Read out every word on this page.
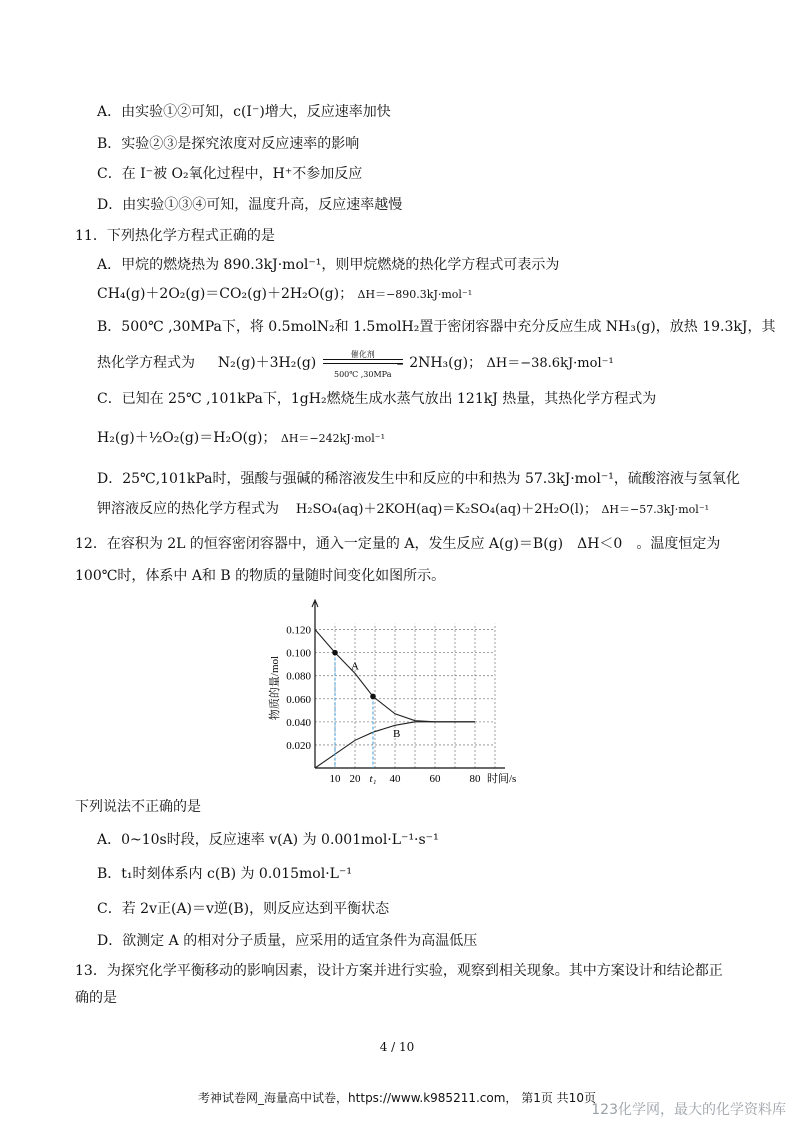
A．由实验①②可知，c(I⁻)增大，反应速率加快
B．实验②③是探究浓度对反应速率的影响
C．在 I⁻被 O₂氧化过程中，H⁺不参加反应
D．由实验①③④可知，温度升高，反应速率越慢
11．下列热化学方程式正确的是
A．甲烷的燃烧热为 890.3kJ·mol⁻¹，则甲烷燃烧的热化学方程式可表示为
CH₄(g)＋2O₂(g)＝CO₂(g)＋2H₂O(g)； ΔH＝−890.3kJ·mol⁻¹
B．500℃ ,30MPa下，将 0.5molN₂和 1.5molH₂置于密闭容器中充分反应生成 NH₃(g)，放热 19.3kJ，其
热化学方程式为 N₂(g)＋3H₂(g)
催化剂
⇀
500℃ ,30MPa
2NH₃(g)； ΔH＝−38.6kJ·mol⁻¹
C．已知在 25℃ ,101kPa下，1gH₂燃烧生成水蒸气放出 121kJ 热量，其热化学方程式为
H₂(g)＋½O₂(g)＝H₂O(g)； ΔH＝−242kJ·mol⁻¹
D．25℃,101kPa时，强酸与强碱的稀溶液发生中和反应的中和热为 57.3kJ·mol⁻¹，硫酸溶液与氢氧化
钾溶液反应的热化学方程式为 H₂SO₄(aq)＋2KOH(aq)＝K₂SO₄(aq)＋2H₂O(l)； ΔH＝−57.3kJ·mol⁻¹
12．在容积为 2L 的恒容密闭容器中，通入一定量的 A，发生反应 A(g)＝B(g)　ΔH＜0　。温度恒定为
100℃时，体系中 A和 B 的物质的量随时间变化如图所示。
0.120
0.100
0.080
0.060
0.040
0.020
10 20 t₁ 40	60	80 时间/s
物质的量/mol	A
B
下列说法不正确的是
A．0~10s时段，反应速率 v(A) 为 0.001mol·L⁻¹·s⁻¹
B．t₁时刻体系内 c(B) 为 0.015mol·L⁻¹
C．若 2v正(A)＝v逆(B)，则反应达到平衡状态
D．欲测定 A 的相对分子质量，应采用的适宜条件为高温低压
13．为探究化学平衡移动的影响因素，设计方案并进行实验，观察到相关现象。其中方案设计和结论都正
确的是
4 / 10
考神试卷网_海量高中试卷，https://www.k985211.com， 第1页 共10页
123化学网，最大的化学资料库
